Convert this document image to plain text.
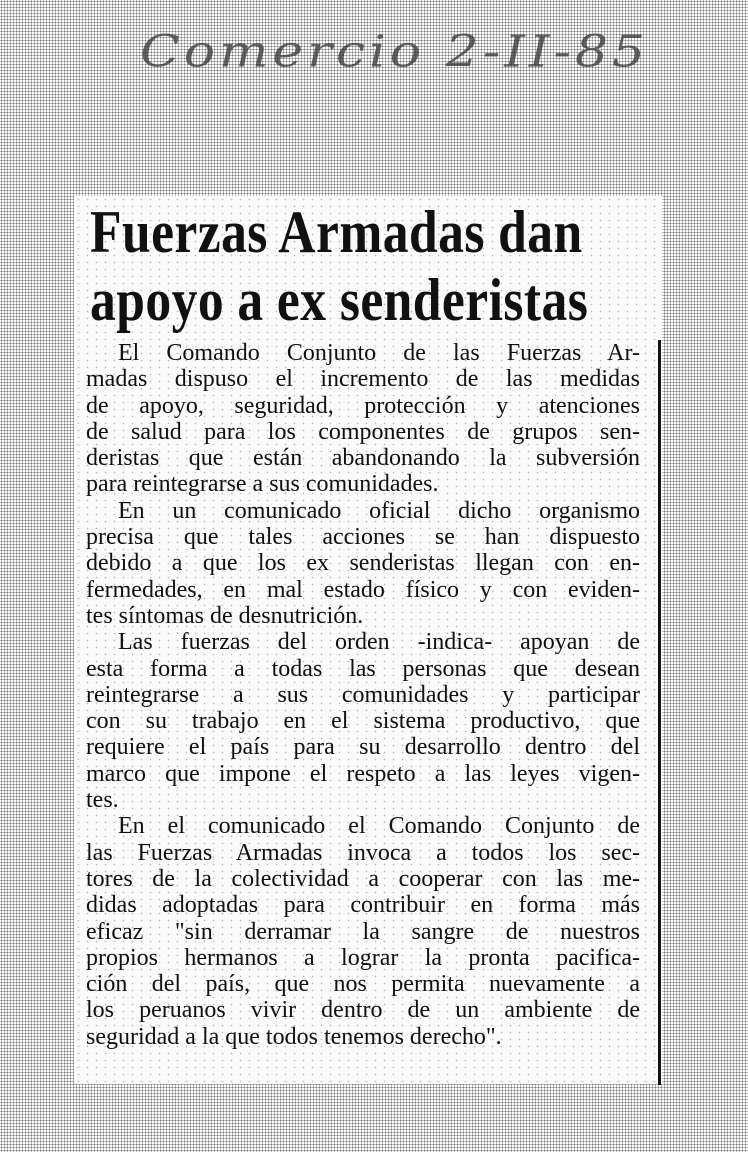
Comercio 2-II-85
Fuerzas Armadas dan
apoyo a ex senderistas
El Comando Conjunto de las Fuerzas Ar-
madas dispuso el incremento de las medidas
de apoyo, seguridad, protección y atenciones
de salud para los componentes de grupos sen-
deristas que están abandonando la subversión
para reintegrarse a sus comunidades.
En un comunicado oficial dicho organismo
precisa que tales acciones se han dispuesto
debido a que los ex senderistas llegan con en-
fermedades, en mal estado físico y con eviden-
tes síntomas de desnutrición.
Las fuerzas del orden -indica- apoyan de
esta forma a todas las personas que desean
reintegrarse a sus comunidades y participar
con su trabajo en el sistema productivo, que
requiere el país para su desarrollo dentro del
marco que impone el respeto a las leyes vigen-
tes.
En el comunicado el Comando Conjunto de
las Fuerzas Armadas invoca a todos los sec-
tores de la colectividad a cooperar con las me-
didas adoptadas para contribuir en forma más
eficaz "sin derramar la sangre de nuestros
propios hermanos a lograr la pronta pacifica-
ción del país, que nos permita nuevamente a
los peruanos vivir dentro de un ambiente de
seguridad a la que todos tenemos derecho".
